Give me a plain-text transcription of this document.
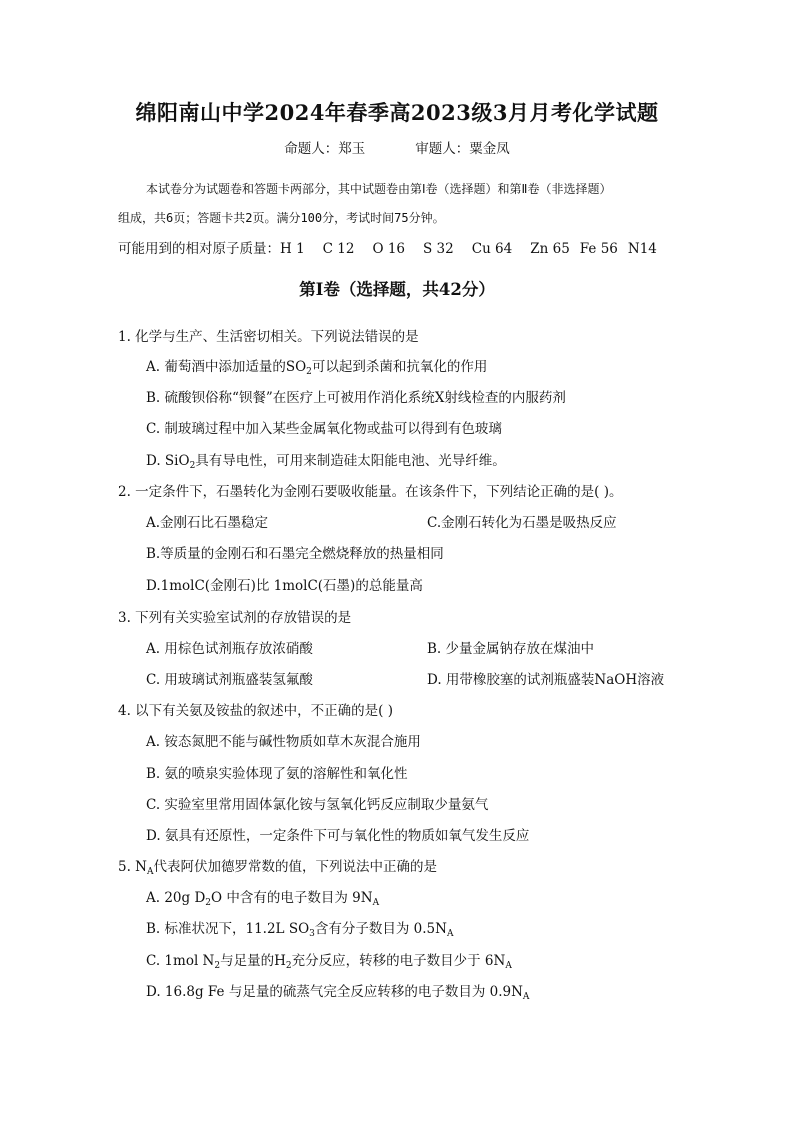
绵阳南山中学2024年春季高2023级3月月考化学试题
命题人：郑玉	审题人：粟金凤
本试卷分为试题卷和答题卡两部分，其中试题卷由第Ⅰ卷（选择题）和第Ⅱ卷（非选择题）
组成，共6页；答题卡共2页。满分100分，考试时间75分钟。
可能用到的相对原子质量：H 1 C 12 O 16 S 32 Cu 64 Zn 65 Fe 56 N14
第Ⅰ卷（选择题，共42分）
1. 化学与生产、生活密切相关。下列说法错误的是
A. 葡萄酒中添加适量的$SO_2$可以起到杀菌和抗氧化的作用
B. 硫酸钡俗称“钡餐”在医疗上可被用作消化系统X射线检查的内服药剂
C. 制玻璃过程中加入某些金属氧化物或盐可以得到有色玻璃
D. SiO$_2$具有导电性，可用来制造硅太阳能电池、光导纤维。
2. 一定条件下，石墨转化为金刚石要吸收能量。在该条件下，下列结论正确的是( )。
A.金刚石比石墨稳定	C.金刚石转化为石墨是吸热反应
B.等质量的金刚石和石墨完全燃烧释放的热量相同
D.1molC(金刚石)比 1molC(石墨)的总能量高
3. 下列有关实验室试剂的存放错误的是
A. 用棕色试剂瓶存放浓硝酸	B. 少量金属钠存放在煤油中
C. 用玻璃试剂瓶盛装氢氟酸	D. 用带橡胶塞的试剂瓶盛装NaOH溶液
4. 以下有关氨及铵盐的叙述中，不正确的是( )
A. 铵态氮肥不能与碱性物质如草木灰混合施用
B. 氨的喷泉实验体现了氨的溶解性和氧化性
C. 实验室里常用固体氯化铵与氢氧化钙反应制取少量氨气
D. 氨具有还原性，一定条件下可与氧化性的物质如氧气发生反应
5. $N_A$代表阿伏加德罗常数的值，下列说法中正确的是
A. 20g $D_2O$ 中含有的电子数目为 $9N_A$
B. 标准状况下，11.2L $SO_3$含有分子数目为 $0.5N_A$
C. 1mol $N_2$与足量的$H_2$充分反应，转移的电子数目少于 $6N_A$
D. 16.8g Fe 与足量的硫蒸气完全反应转移的电子数目为 $0.9N_A$
